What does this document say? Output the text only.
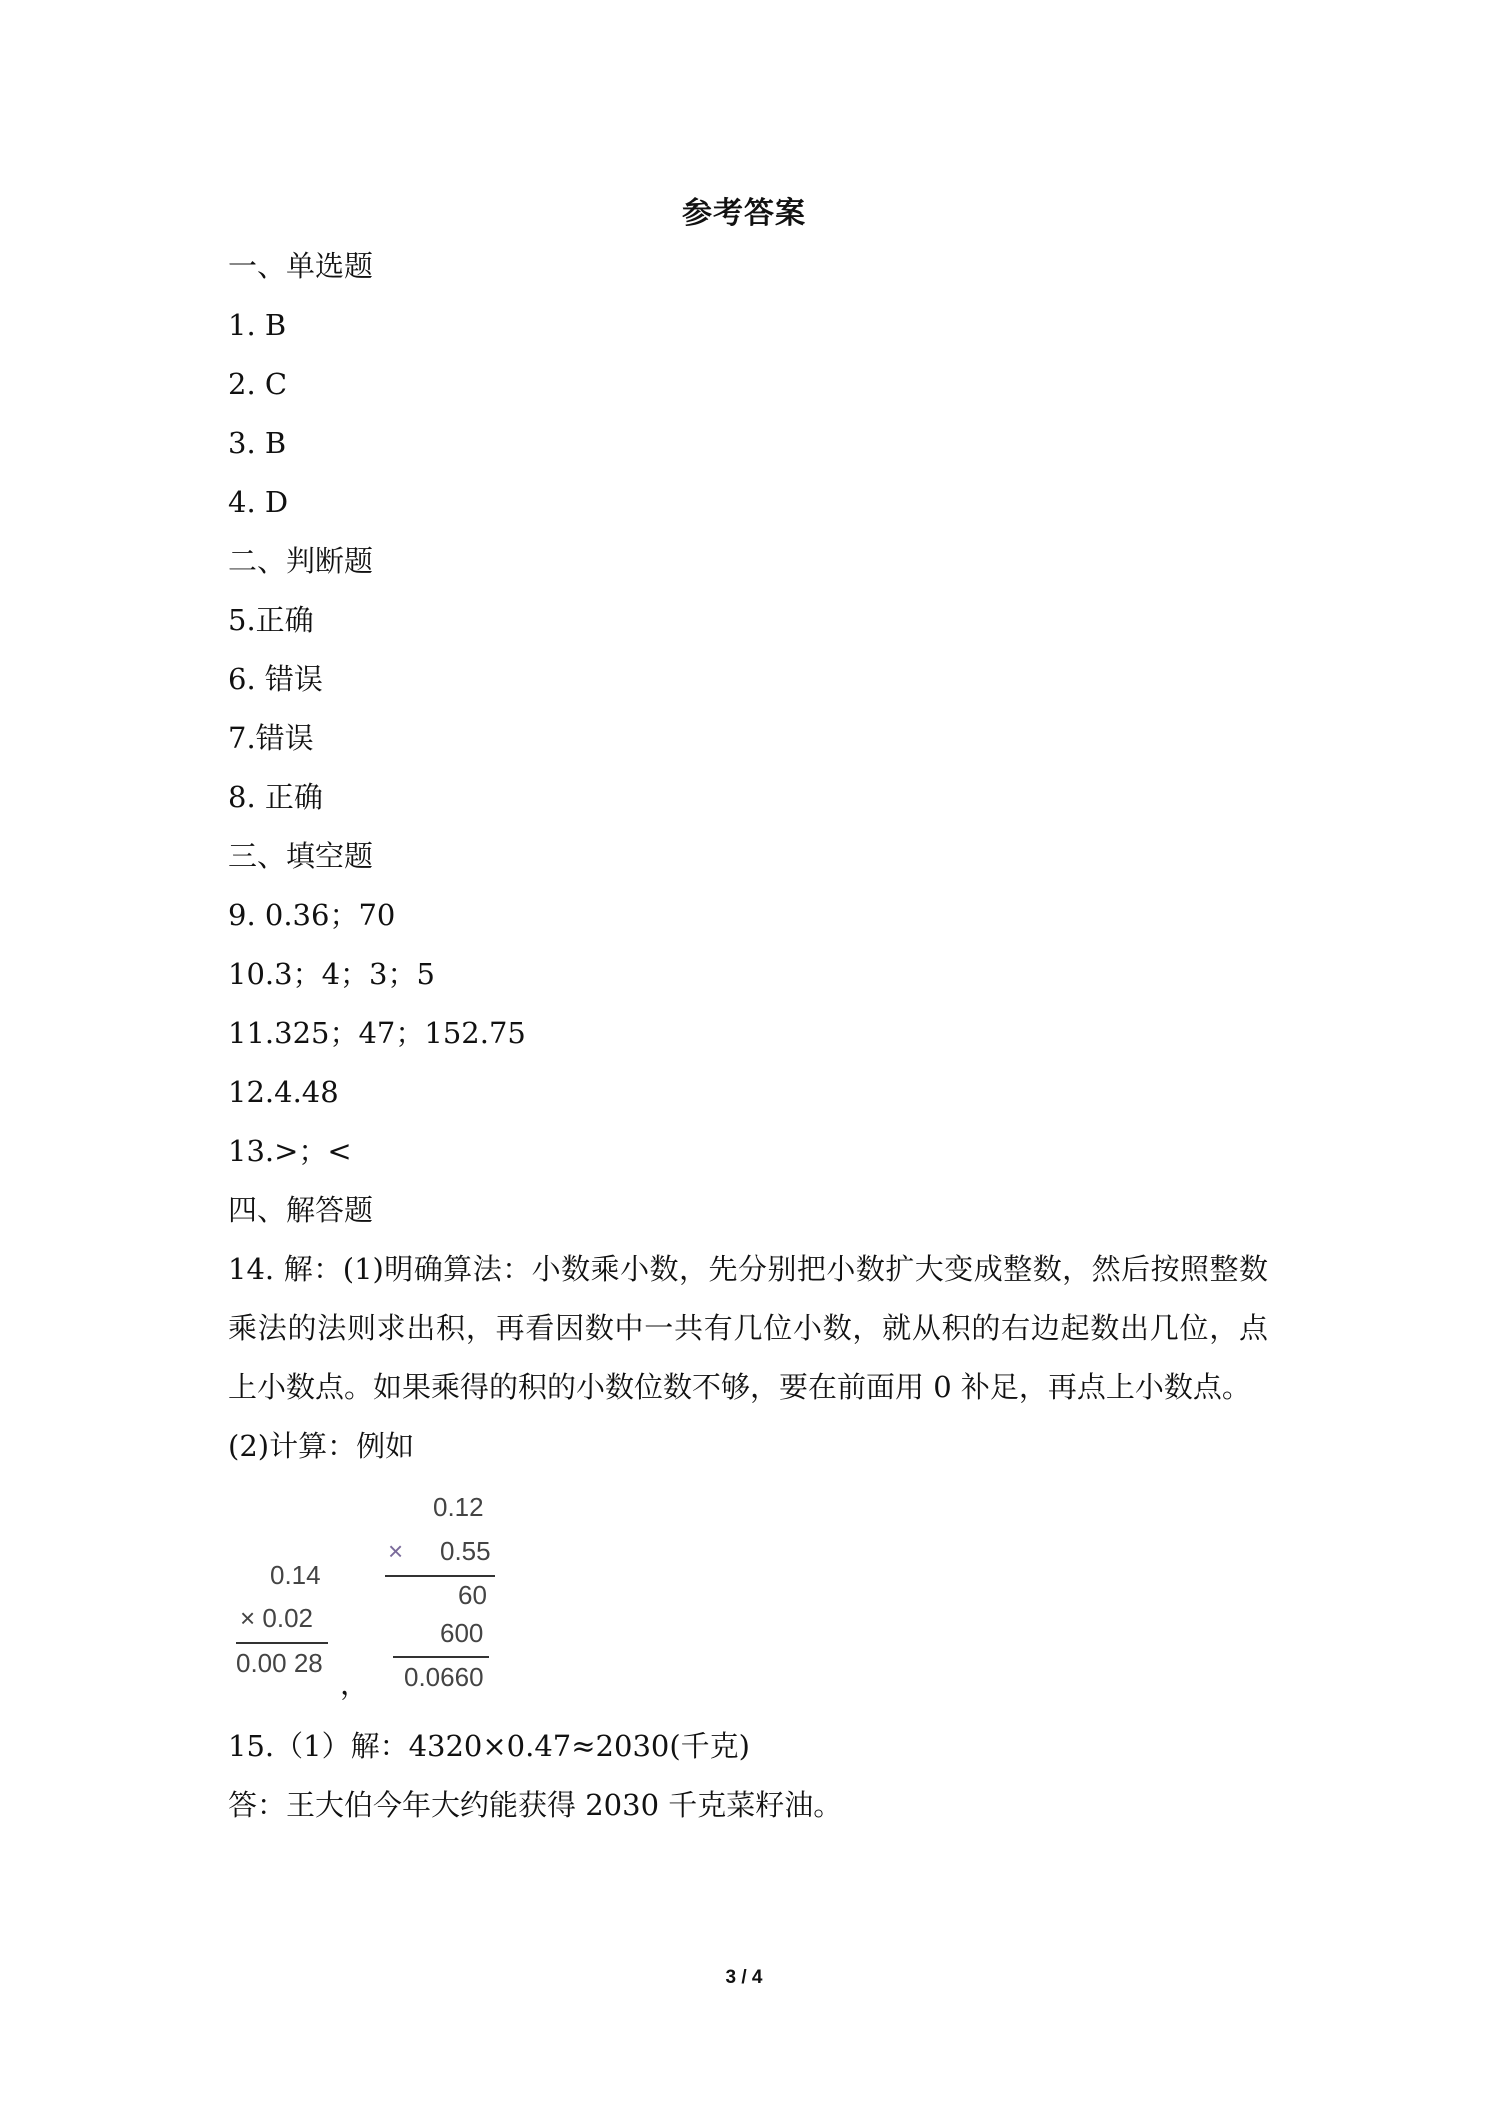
参考答案
一、单选题
1. B
2. C
3. B
4. D
二、判断题
5.正确
6. 错误
7.错误
8. 正确
三、填空题
9. 0.36；70
10.3；4；3；5
11.325；47；152.75
12.4.48
13.>；<
四、解答题
14. 解：(1)明确算法：小数乘小数，先分别把小数扩大变成整数，然后按照整数乘法的法则求出积，再看因数中一共有几位小数，就从积的右边起数出几位，点上小数点。如果乘得的积的小数位数不够，要在前面用 0 补足，再点上小数点。
(2)计算：例如
0.14
× 0.02
0.00 28
，
0.12
× 0.55
60
600
0.0660
15.（1）解：4320×0.47≈2030(千克)
答：王大伯今年大约能获得 2030 千克菜籽油。
3 / 4
